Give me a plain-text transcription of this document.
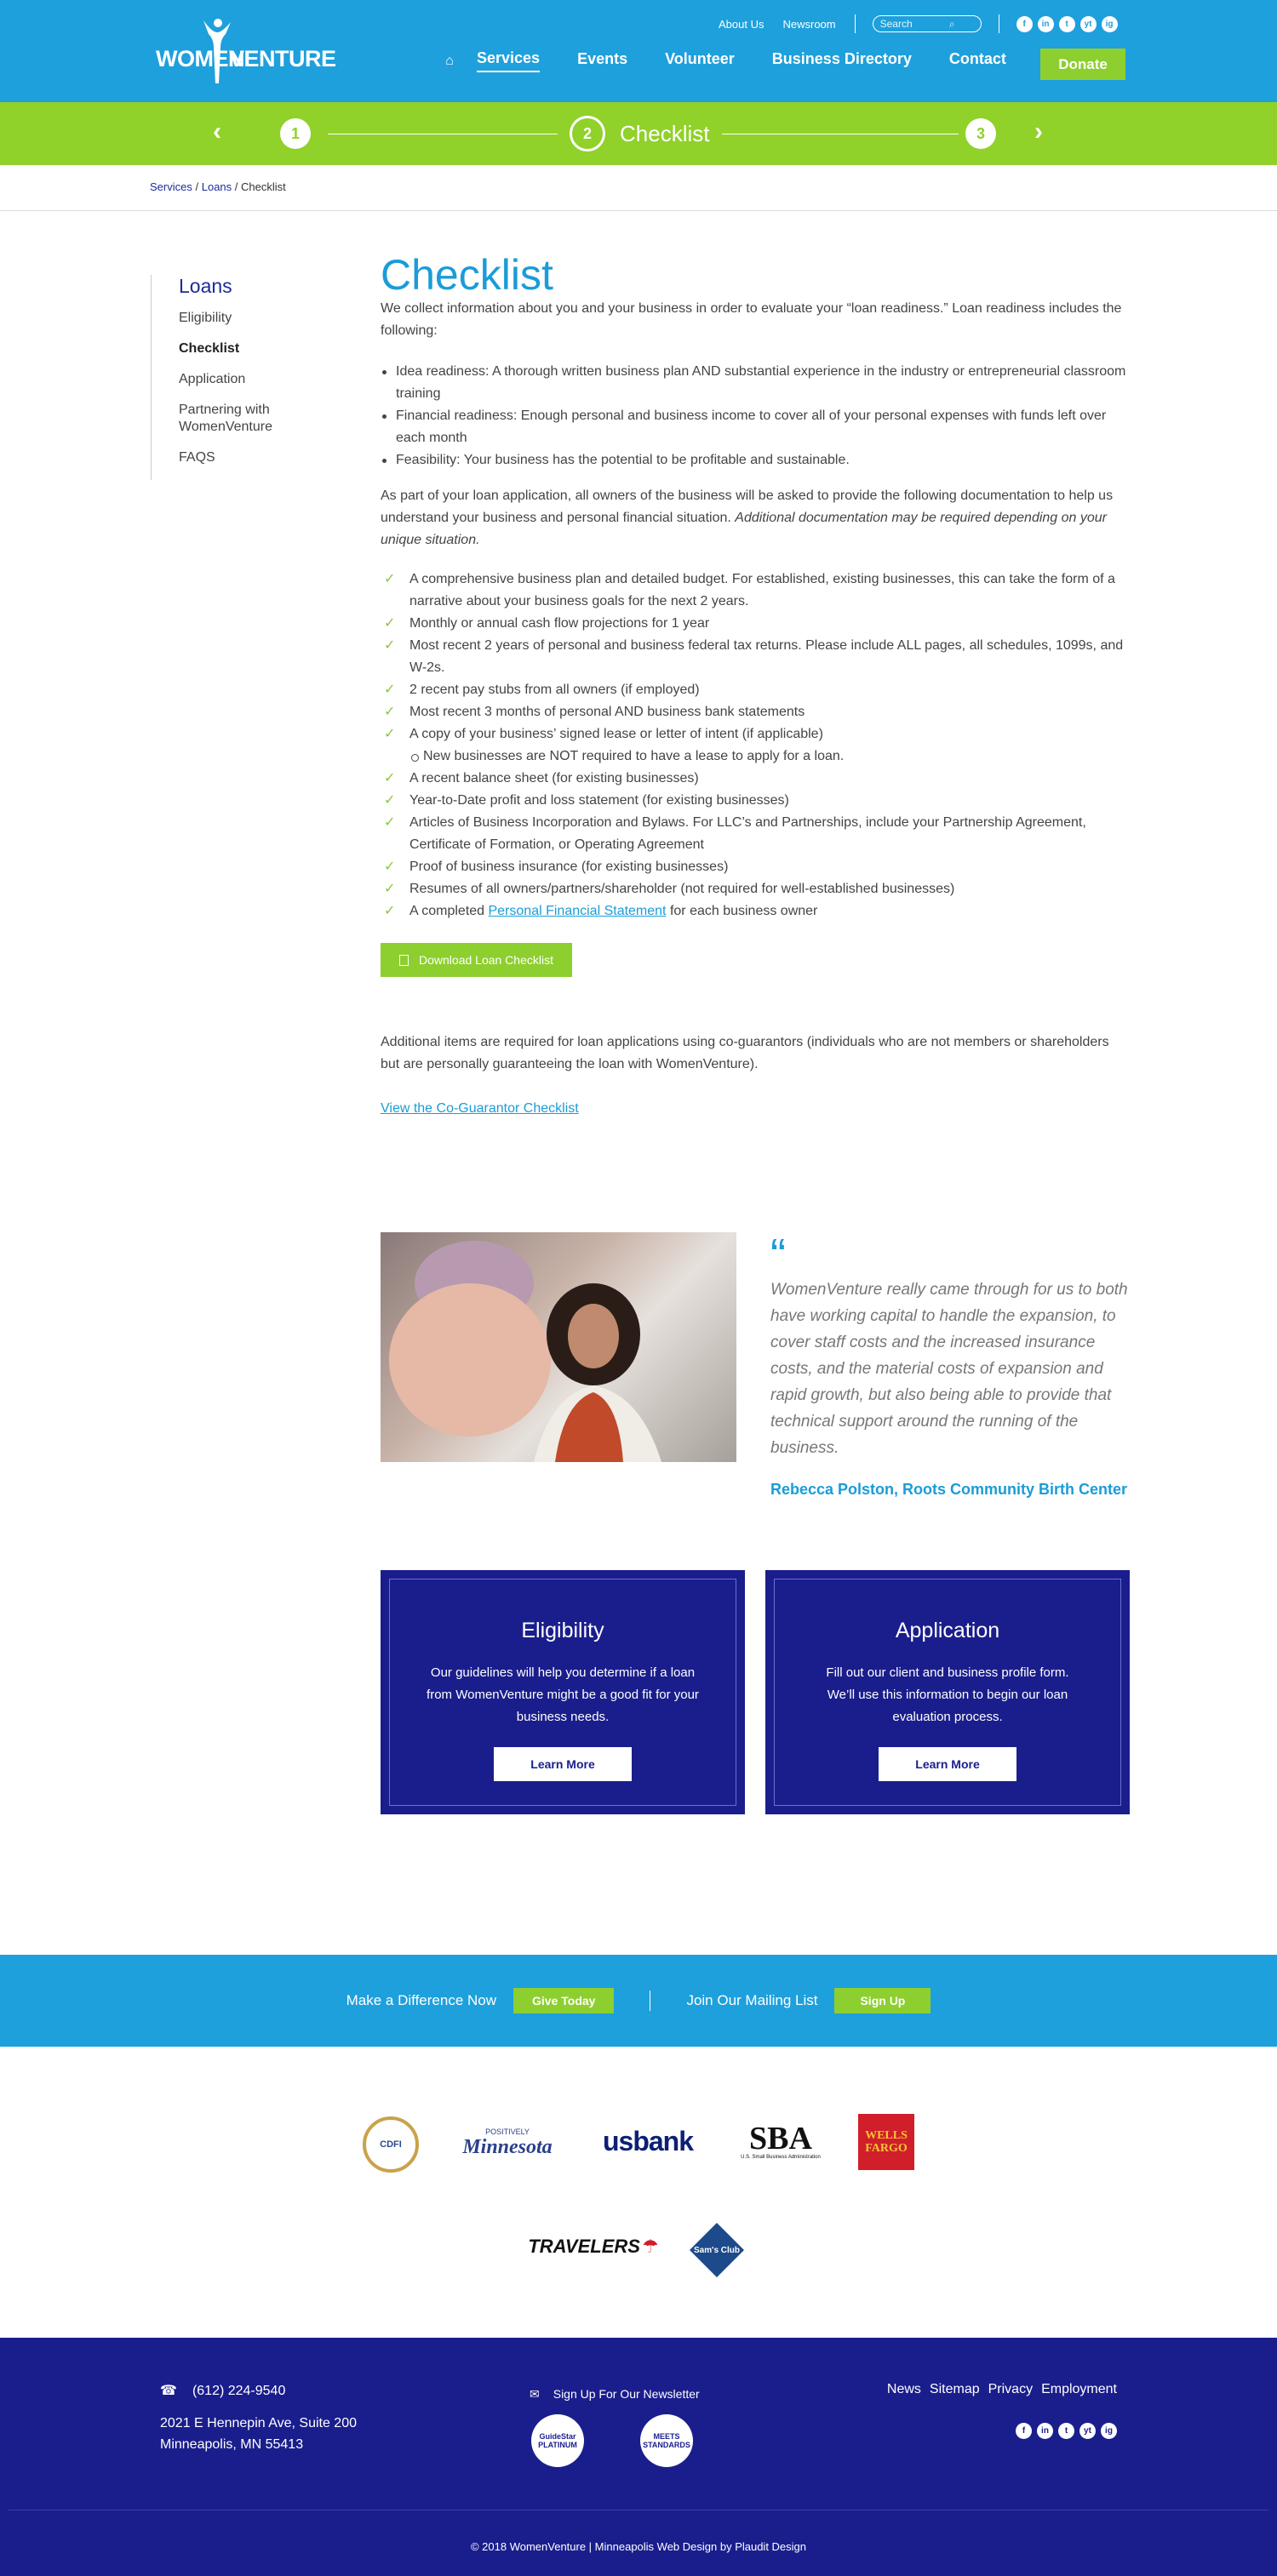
WOMEN
VENTURE
About Us Newsroom	Search	⌕	f	in	t	yt	ig
⌂	Services Events Volunteer Business Directory Contact	Donate
‹	1	2	Checklist	3	›
Services / Loans / Checklist
Loans
Eligibility
Checklist
Application
Partnering with WomenVenture
FAQS
Checklist

We collect information about you and your business in order to evaluate your “loan readiness.” Loan readiness includes the following:

Idea readiness: A thorough written business plan AND substantial experience in the industry or entrepreneurial classroom training
Financial readiness: Enough personal and business income to cover all of your personal expenses with funds left over each month
Feasibility: Your business has the potential to be profitable and sustainable.

As part of your loan application, all owners of the business will be asked to provide the following documentation to help us understand your business and personal financial situation. Additional documentation may be required depending on your unique situation.

✓ A comprehensive business plan and detailed budget. For established, existing businesses, this can take the form of a narrative about your business goals for the next 2 years.
✓ Monthly or annual cash flow projections for 1 year
✓ Most recent 2 years of personal and business federal tax returns. Please include ALL pages, all schedules, 1099s, and W-2s.
✓ 2 recent pay stubs from all owners (if employed)
✓ Most recent 3 months of personal AND business bank statements
✓ A copy of your business’ signed lease or letter of intent (if applicable)
New businesses are NOT required to have a lease to apply for a loan.
✓ A recent balance sheet (for existing businesses)
✓ Year-to-Date profit and loss statement (for existing businesses)
✓ Articles of Business Incorporation and Bylaws. For LLC’s and Partnerships, include your Partnership Agreement, Certificate of Formation, or Operating Agreement
✓ Proof of business insurance (for existing businesses)
✓ Resumes of all owners/partners/shareholder (not required for well-established businesses)
✓ A completed Personal Financial Statement for each business owner
Download Loan Checklist

Additional items are required for loan applications using co-guarantors (individuals who are not members or shareholders but are personally guaranteeing the loan with WomenVenture).

View the Co-Guarantor Checklist
“

WomenVenture really came through for us to both have working capital to handle the expansion, to cover staff costs and the increased insurance costs, and the material costs of expansion and rapid growth, but also being able to provide that technical support around the running of the business.

Rebecca Polston, Roots Community Birth Center
Eligibility

Our guidelines will help you determine if a loan from WomenVenture might be a good fit for your business needs.

Learn More
Application

Fill out our client and business profile form. We’ll use this information to begin our loan evaluation process.

Learn More
Make a Difference Now	Give Today	Join Our Mailing List	Sign Up
CDFI
POSITIVELY
Minnesota	usbank	SBA
U.S. Small Business Administration
WELLS FARGO
TRAVELERS ☂	Sam's Club
☎ (612) 224-9540
2021 E Hennepin Ave, Suite 200
Minneapolis, MN 55413
✉ Sign Up For Our Newsletter
GuideStar PLATINUM
MEETS STANDARDS
News Sitemap Privacy Employment
f	in	t	yt	ig
© 2018 WomenVenture | Minneapolis Web Design by Plaudit Design
